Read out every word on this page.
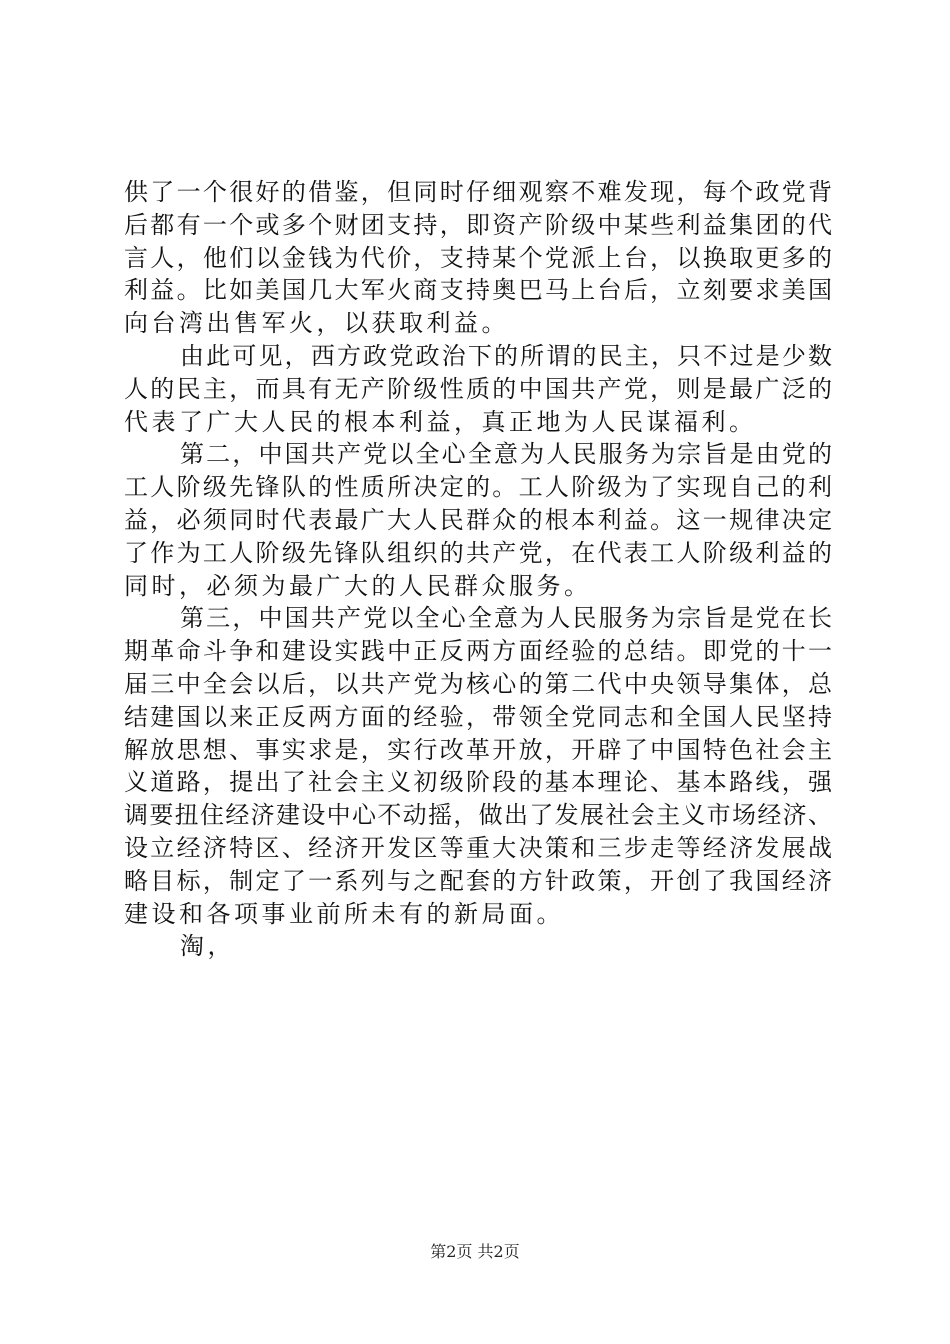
供了一个很好的借鉴，但同时仔细观察不难发现，每个政党背
后都有一个或多个财团支持，即资产阶级中某些利益集团的代
言人，他们以金钱为代价，支持某个党派上台，以换取更多的
利益。比如美国几大军火商支持奥巴马上台后，立刻要求美国
向台湾出售军火，以获取利益。
由此可见，西方政党政治下的所谓的民主，只不过是少数
人的民主，而具有无产阶级性质的中国共产党，则是最广泛的
代表了广大人民的根本利益，真正地为人民谋福利。
第二，中国共产党以全心全意为人民服务为宗旨是由党的
工人阶级先锋队的性质所决定的。工人阶级为了实现自己的利
益，必须同时代表最广大人民群众的根本利益。这一规律决定
了作为工人阶级先锋队组织的共产党，在代表工人阶级利益的
同时，必须为最广大的人民群众服务。
第三，中国共产党以全心全意为人民服务为宗旨是党在长
期革命斗争和建设实践中正反两方面经验的总结。即党的十一
届三中全会以后，以共产党为核心的第二代中央领导集体，总
结建国以来正反两方面的经验，带领全党同志和全国人民坚持
解放思想、事实求是，实行改革开放，开辟了中国特色社会主
义道路，提出了社会主义初级阶段的基本理论、基本路线，强
调要扭住经济建设中心不动摇，做出了发展社会主义市场经济、
设立经济特区、经济开发区等重大决策和三步走等经济发展战
略目标，制定了一系列与之配套的方针政策，开创了我国经济
建设和各项事业前所未有的新局面。
淘，
第2页 共2页
